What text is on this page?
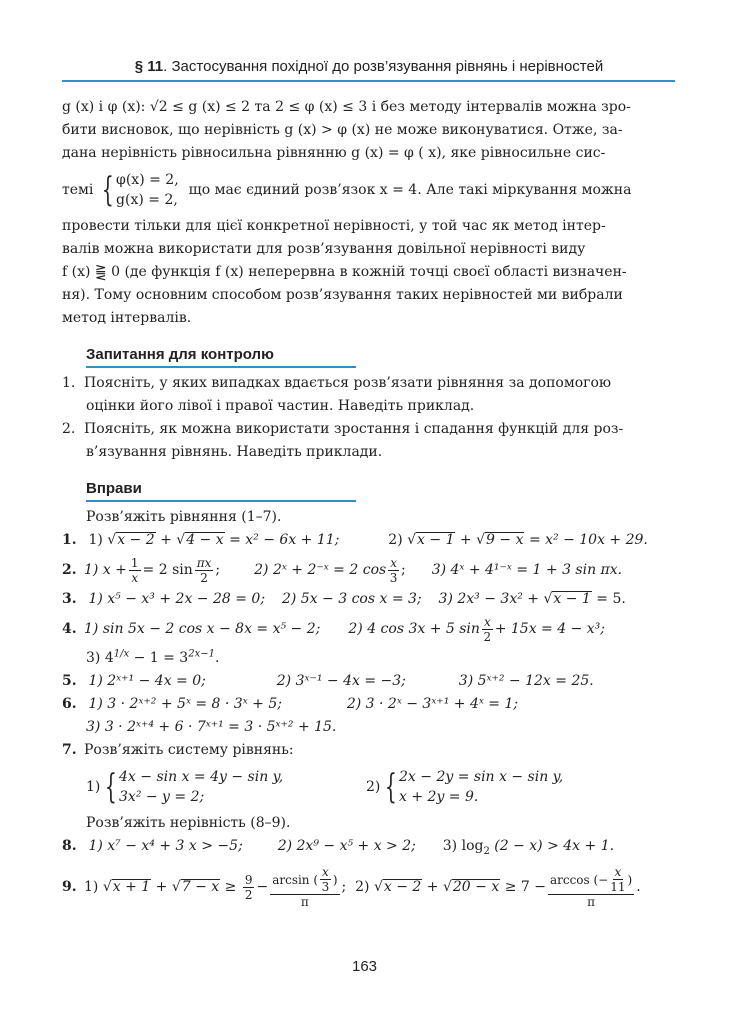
§ 11. Застосування похідної до розв’язування рівнянь і нерівностей
g (x) і φ (x): √2 ≤ g (x) ≤ 2 та 2 ≤ φ (x) ≤ 3 і без методу інтервалів можна зро-
бити висновок, що нерівність g (x) > φ (x) не може виконуватися. Отже, за-
дана нерівність рівносильна рівнянню g (x) = φ ( x), яке рівносильне сис-
темі { φ(x) = 2,
g(x) = 2,
що має єдиний розв’язок x = 4. Але такі міркування можна
провести тільки для цієї конкретної нерівності, у той час як метод інтер-
валів можна використати для розв’язування довільної нерівності виду
f (x) ⪌ 0 (де функція f (x) неперервна в кожній точці своєї області визначен-
ня). Тому основним способом розв’язування таких нерівностей ми вибрали
метод інтервалів.
Запитання для контролю
1. Поясніть, у яких випадках вдається розв’язати рівняння за допомогою
оцінки його лівої і правої частин. Наведіть приклад.
2. Поясніть, як можна використати зростання і спадання функцій для роз-
в’язування рівнянь. Наведіть приклади.
Вправи
Розв’яжіть рівняння (1–7).
1. 1) √x − 2 + √4 − x = x² − 6x + 11;	2) √x − 1 + √9 − x = x² − 10x + 29.
2. 1) $x + \frac{1}{x} = 2$ $\sin \frac{\pi x}{2}$ ; 2) 2ˣ + 2⁻ˣ = 2 $\cos \frac{x}{3}$ ; 3) 4ˣ + 4¹⁻ˣ = 1 + 3 sin πx.
3. 1) x⁵ − x³ + 2x − 28 = 0; 2) 5x − 3 cos x = 3; 3) 2x³ − 3x² + √x − 1 = 5.
4. 1) sin 5x − 2 cos x − 8x = x⁵ − 2; 2) 4 cos 3x + 5 $\sin \frac{x}{2} + 15x = 4 - x^3$;
3) $4^{1/x} - 1 = 3^{2x-1}$.
5. 1) 2ˣ⁺¹ − 4x = 0;	2) 3ˣ⁻¹ − 4x = −3;	3) 5ˣ⁺² − 12x = 25.
6. 1) 3 · 2ˣ⁺² + 5ˣ = 8 · 3ˣ + 5;	2) 3 · 2ˣ − 3ˣ⁺¹ + 4ˣ = 1;
3) 3 · 2ˣ⁺⁴ + 6 · 7ˣ⁺¹ = 3 · 5ˣ⁺² + 15.
7. Розв’яжіть систему рівнянь:
1) { 4x − sin x = 4y − sin y,
3x² − y = 2;
2) { 2x − 2y = sin x − sin y,
x + 2y = 9.
Розв’яжіть нерівність (8–9).
8. 1) x⁷ − x⁴ + 3 x > −5; 2) 2x⁹ − x⁵ + x > 2; 3) $\log_2 (2 - x) > 4x + 1$.
9. 1)
√x + 1 + √7 − x
≥
$\frac{9}{2} - \frac{\arcsin ( \frac{x}{3} )}{\pi}$ ;
2)
√x − 2 + √20 − x
≥ $7 - \frac{\arccos (- \frac{x}{11} )}{\pi}$ .
163
